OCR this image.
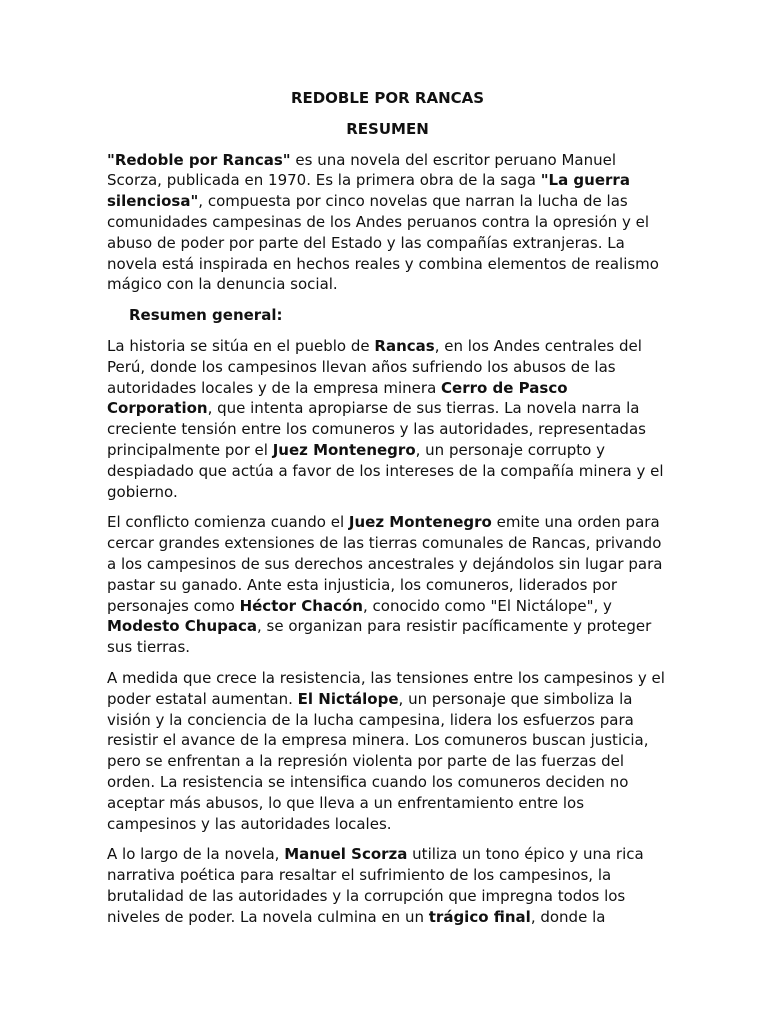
REDOBLE POR RANCAS
RESUMEN

"Redoble por Rancas" es una novela del escritor peruano Manuel Scorza, publicada en 1970. Es la primera obra de la saga "La guerra silenciosa", compuesta por cinco novelas que narran la lucha de las comunidades campesinas de los Andes peruanos contra la opresión y el abuso de poder por parte del Estado y las compañías extranjeras. La novela está inspirada en hechos reales y combina elementos de realismo mágico con la denuncia social.

Resumen general:

La historia se sitúa en el pueblo de Rancas, en los Andes centrales del Perú, donde los campesinos llevan años sufriendo los abusos de las autoridades locales y de la empresa minera Cerro de Pasco Corporation, que intenta apropiarse de sus tierras. La novela narra la creciente tensión entre los comuneros y las autoridades, representadas principalmente por el Juez Montenegro, un personaje corrupto y despiadado que actúa a favor de los intereses de la compañía minera y el gobierno.

El conflicto comienza cuando el Juez Montenegro emite una orden para cercar grandes extensiones de las tierras comunales de Rancas, privando a los campesinos de sus derechos ancestrales y dejándolos sin lugar para pastar su ganado. Ante esta injusticia, los comuneros, liderados por personajes como Héctor Chacón, conocido como "El Nictálope", y Modesto Chupaca, se organizan para resistir pacíficamente y proteger sus tierras.

A medida que crece la resistencia, las tensiones entre los campesinos y el poder estatal aumentan. El Nictálope, un personaje que simboliza la visión y la conciencia de la lucha campesina, lidera los esfuerzos para resistir el avance de la empresa minera. Los comuneros buscan justicia, pero se enfrentan a la represión violenta por parte de las fuerzas del orden. La resistencia se intensifica cuando los comuneros deciden no aceptar más abusos, lo que lleva a un enfrentamiento entre los campesinos y las autoridades locales.

A lo largo de la novela, Manuel Scorza utiliza un tono épico y una rica narrativa poética para resaltar el sufrimiento de los campesinos, la brutalidad de las autoridades y la corrupción que impregna todos los niveles de poder. La novela culmina en un trágico final, donde la
